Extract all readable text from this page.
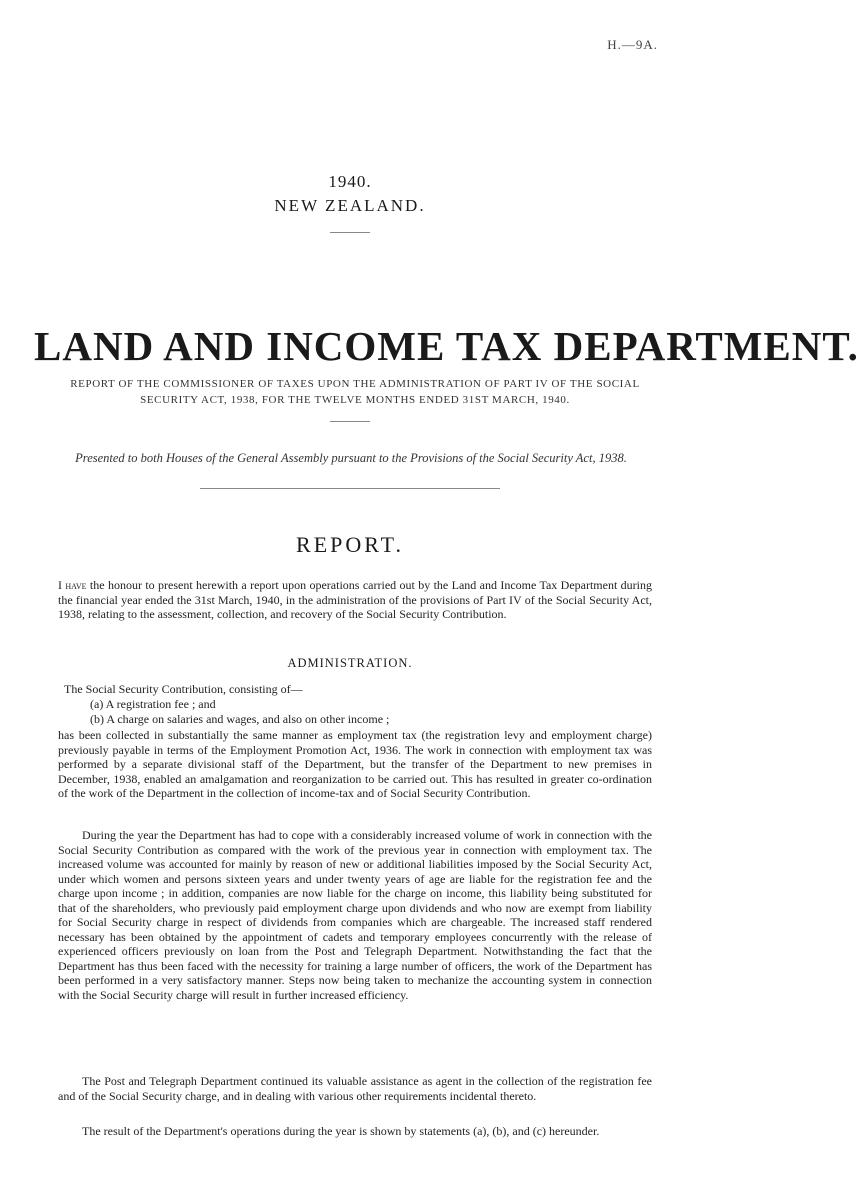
H.—9A.
1940.
NEW ZEALAND.
LAND AND INCOME TAX DEPARTMENT.
REPORT OF THE COMMISSIONER OF TAXES UPON THE ADMINISTRATION OF PART IV OF THE SOCIAL SECURITY ACT, 1938, FOR THE TWELVE MONTHS ENDED 31ST MARCH, 1940.
Presented to both Houses of the General Assembly pursuant to the Provisions of the Social Security Act, 1938.
REPORT.
I have the honour to present herewith a report upon operations carried out by the Land and Income Tax Department during the financial year ended the 31st March, 1940, in the administration of the provisions of Part IV of the Social Security Act, 1938, relating to the assessment, collection, and recovery of the Social Security Contribution.
ADMINISTRATION.
The Social Security Contribution, consisting of—
(a) A registration fee ; and
(b) A charge on salaries and wages, and also on other income ;
has been collected in substantially the same manner as employment tax (the registration levy and employment charge) previously payable in terms of the Employment Promotion Act, 1936. The work in connection with employment tax was performed by a separate divisional staff of the Department, but the transfer of the Department to new premises in December, 1938, enabled an amalgamation and reorganization to be carried out. This has resulted in greater co-ordination of the work of the Department in the collection of income-tax and of Social Security Contribution.
During the year the Department has had to cope with a considerably increased volume of work in connection with the Social Security Contribution as compared with the work of the previous year in connection with employment tax. The increased volume was accounted for mainly by reason of new or additional liabilities imposed by the Social Security Act, under which women and persons sixteen years and under twenty years of age are liable for the registration fee and the charge upon income ; in addition, companies are now liable for the charge on income, this liability being substituted for that of the shareholders, who previously paid employment charge upon dividends and who now are exempt from liability for Social Security charge in respect of dividends from companies which are chargeable. The increased staff rendered necessary has been obtained by the appointment of cadets and temporary employees concurrently with the release of experienced officers previously on loan from the Post and Telegraph Department. Notwithstanding the fact that the Department has thus been faced with the necessity for training a large number of officers, the work of the Department has been performed in a very satisfactory manner. Steps now being taken to mechanize the accounting system in connection with the Social Security charge will result in further increased efficiency.
The Post and Telegraph Department continued its valuable assistance as agent in the collection of the registration fee and of the Social Security charge, and in dealing with various other requirements incidental thereto.
The result of the Department's operations during the year is shown by statements (a), (b), and (c) hereunder.
